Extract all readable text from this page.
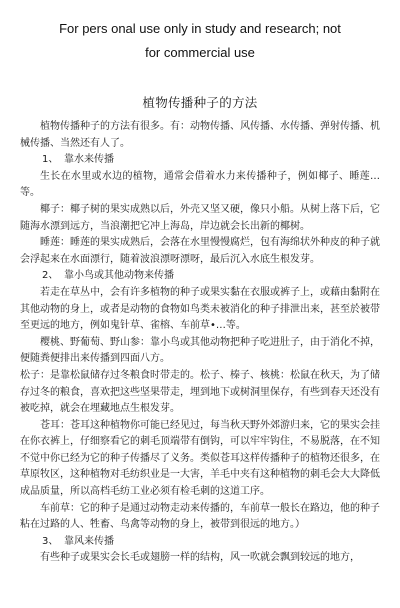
For pers onal use only in study and research; not
for commercial use
植物传播种子的方法

植物传播种子的方法有很多。有：动物传播、风传播、水传播、弹射传播、机械传播、当然还有人了。

1、 靠水来传播

生长在水里或水边的植物，通常会借着水力来传播种子，例如椰子、睡莲…等。

椰子：椰子树的果实成熟以后，外壳又坚又硬，像只小船。从树上落下后，它随海水漂到远方，当浪潮把它冲上海岛，岸边就会长出新的椰树。

睡莲：睡莲的果实成熟后，会落在水里慢慢腐烂，包有海绵状外种皮的种子就会浮起来在水面漂行，随着波浪漂呀漂呀，最后沉入水底生根发芽。

2、 靠小鸟或其他动物来传播

若走在草丛中，会有许多植物的种子或果实黏在衣服或裤子上，或藉由黏附在其他动物的身上，或者是动物的食物如鸟类未被消化的种子排泄出来，甚至於被带至更远的地方，例如鬼针草、雀榕、车前草•…等。

樱桃、野葡萄、野山参：靠小鸟或其他动物把种子吃进肚子，由于消化不掉，便随粪便排出来传播到四面八方。

松子：是靠松鼠储存过冬粮食时带走的。松子、榛子、核桃：松鼠在秋天，为了储存过冬的粮食，喜欢把这些坚果带走，埋到地下或树洞里保存，有些到春天还没有被吃掉，就会在埋藏地点生根发芽。

苍耳：苍耳这种植物你可能已经见过，每当秋天野外郊游归来，它的果实会挂在你衣裤上，仔细察看它的刺毛顶端带有倒钩，可以牢牢钩住，不易脱落，在不知不觉中你已经为它的种子传播尽了义务。类似苍耳这样传播种子的植物还很多，在草原牧区，这种植物对毛纺织业是一大害，羊毛中夹有这种植物的刺毛会大大降低成品质量，所以高档毛纺工业必须有检毛刺的这道工序。

车前草：它的种子是通过动物走动来传播的，车前草一般长在路边，他的种子粘在过路的人、牲畜、鸟禽等动物的身上，被带到很远的地方。）

3、 靠风来传播

有些种子或果实会长毛或翅膀一样的结构，风一吹就会飘到较远的地方，
